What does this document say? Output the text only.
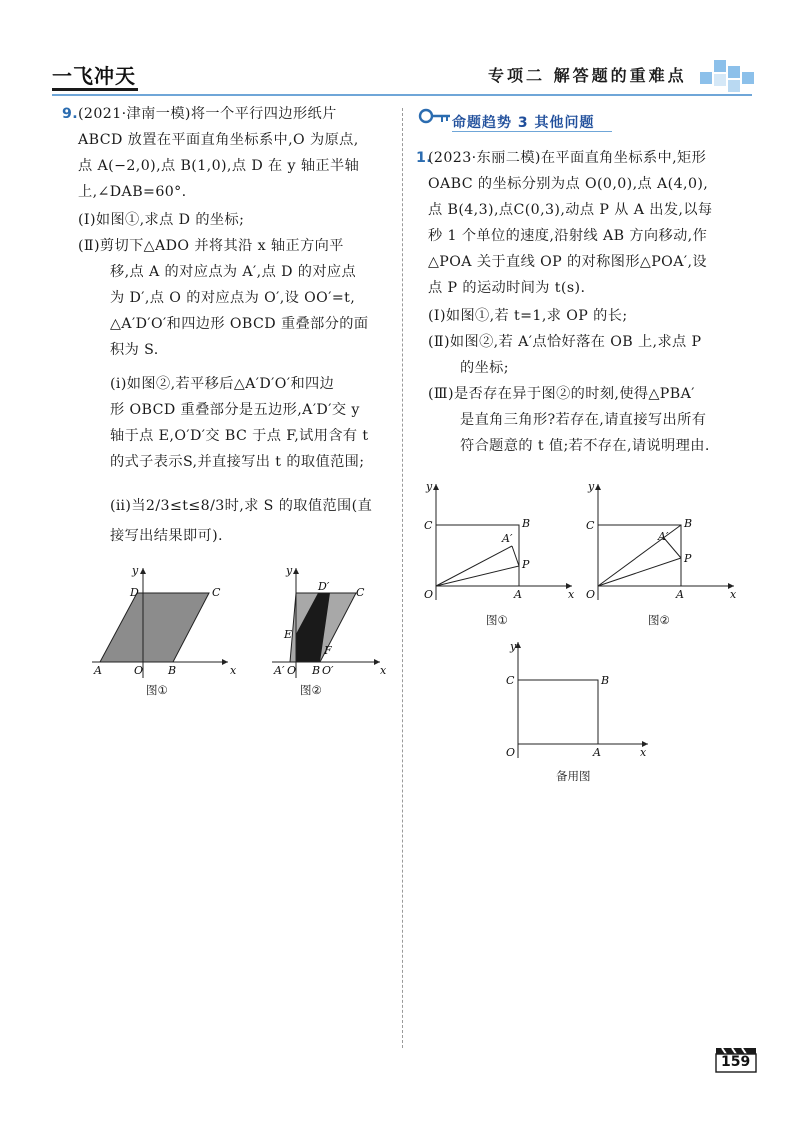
一飞冲天	专项二 解答题的重难点
9. (2021·津南一模)将一个平行四边形纸片
ABCD 放置在平面直角坐标系中,O 为原点,
点 A(−2,0),点 B(1,0),点 D 在 y 轴正半轴
上,∠DAB=60°.
(Ⅰ)如图①,求点 D 的坐标;
(Ⅱ)剪切下△ADO 并将其沿 x 轴正方向平
移,点 A 的对应点为 A′,点 D 的对应点
为 D′,点 O 的对应点为 O′,设 OO′=t,
△A′D′O′和四边形 OBCD 重叠部分的面
积为 S.
(ⅰ)如图②,若平移后△A′D′O′和四边
形 OBCD 重叠部分是五边形,A′D′交 y
轴于点 E,O′D′交 BC 于点 F,试用含有 t
的式子表示S,并直接写出 t 的取值范围;
(ⅱ)当2/3≤t≤8/3时,求 S 的取值范围(直
接写出结果即可).
y
x
D	C
A	O B
图①
y
x
D′ C
E
F
A′ O B O′
图②
命题趋势 3 其他问题
1.
(2023·东丽二模)在平面直角坐标系中,矩形
OABC 的坐标分别为点 O(0,0),点 A(4,0),
点 B(4,3),点C(0,3),动点 P 从 A 出发,以每
秒 1 个单位的速度,沿射线 AB 方向移动,作
△POA 关于直线 OP 的对称图形△POA′,设
点 P 的运动时间为 t(s).
(Ⅰ)如图①,若 t=1,求 OP 的长;
(Ⅱ)如图②,若 A′点恰好落在 OB 上,求点 P
的坐标;
(Ⅲ)是否存在异于图②的时刻,使得△PBA′
是直角三角形?若存在,请直接写出所有
符合题意的 t 值;若不存在,请说明理由.
y
x
C	B
A′
P
O	A
图①
y
x
C	B
A′
P
O	A
图②
y
x
C	B
O	A
备用图
159
